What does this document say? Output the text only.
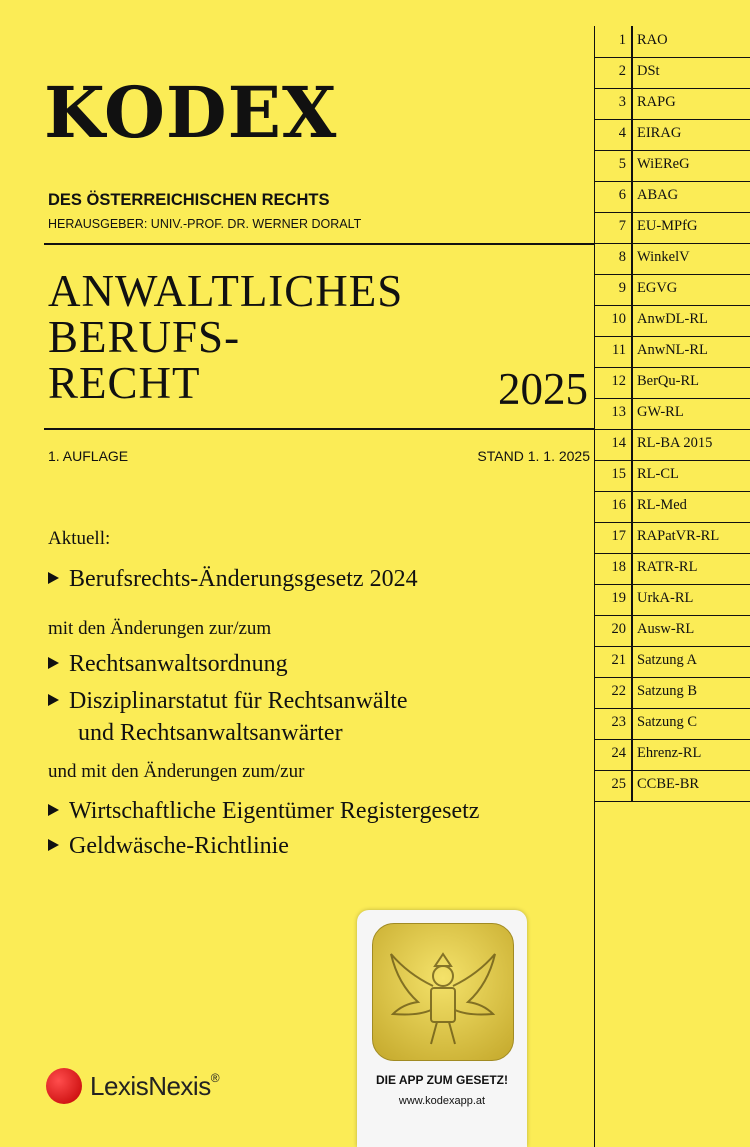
KODEX
DES ÖSTERREICHISCHEN RECHTS
HERAUSGEBER: UNIV.-PROF. DR. WERNER DORALT
ANWALTLICHES
BERUFS-
RECHT	2025
1. AUFLAGE	STAND 1. 1. 2025
Aktuell:
Berufsrechts-Änderungsgesetz 2024
mit den Änderungen zur/zum
Rechtsanwaltsordnung
Disziplinarstatut für Rechtsanwälte
und Rechtsanwaltsanwärter
und mit den Änderungen zum/zur
Wirtschaftliche Eigentümer Registergesetz
Geldwäsche-Richtlinie
1 RAO
2 DSt
3 RAPG
4 EIRAG
5 WiEReG
6 ABAG
7 EU-MPfG
8 WinkelV
9 EGVG
10 AnwDL-RL
11 AnwNL-RL
12 BerQu-RL
13 GW-RL
14 RL-BA 2015
15 RL-CL
16 RL-Med
17 RAPatVR-RL
18 RATR-RL
19 UrkA-RL
20 Ausw-RL
21 Satzung A
22 Satzung B
23 Satzung C
24 Ehrenz-RL
25 CCBE-BR
LexisNexis®	DIE APP ZUM GESETZ!
www.kodexapp.at
